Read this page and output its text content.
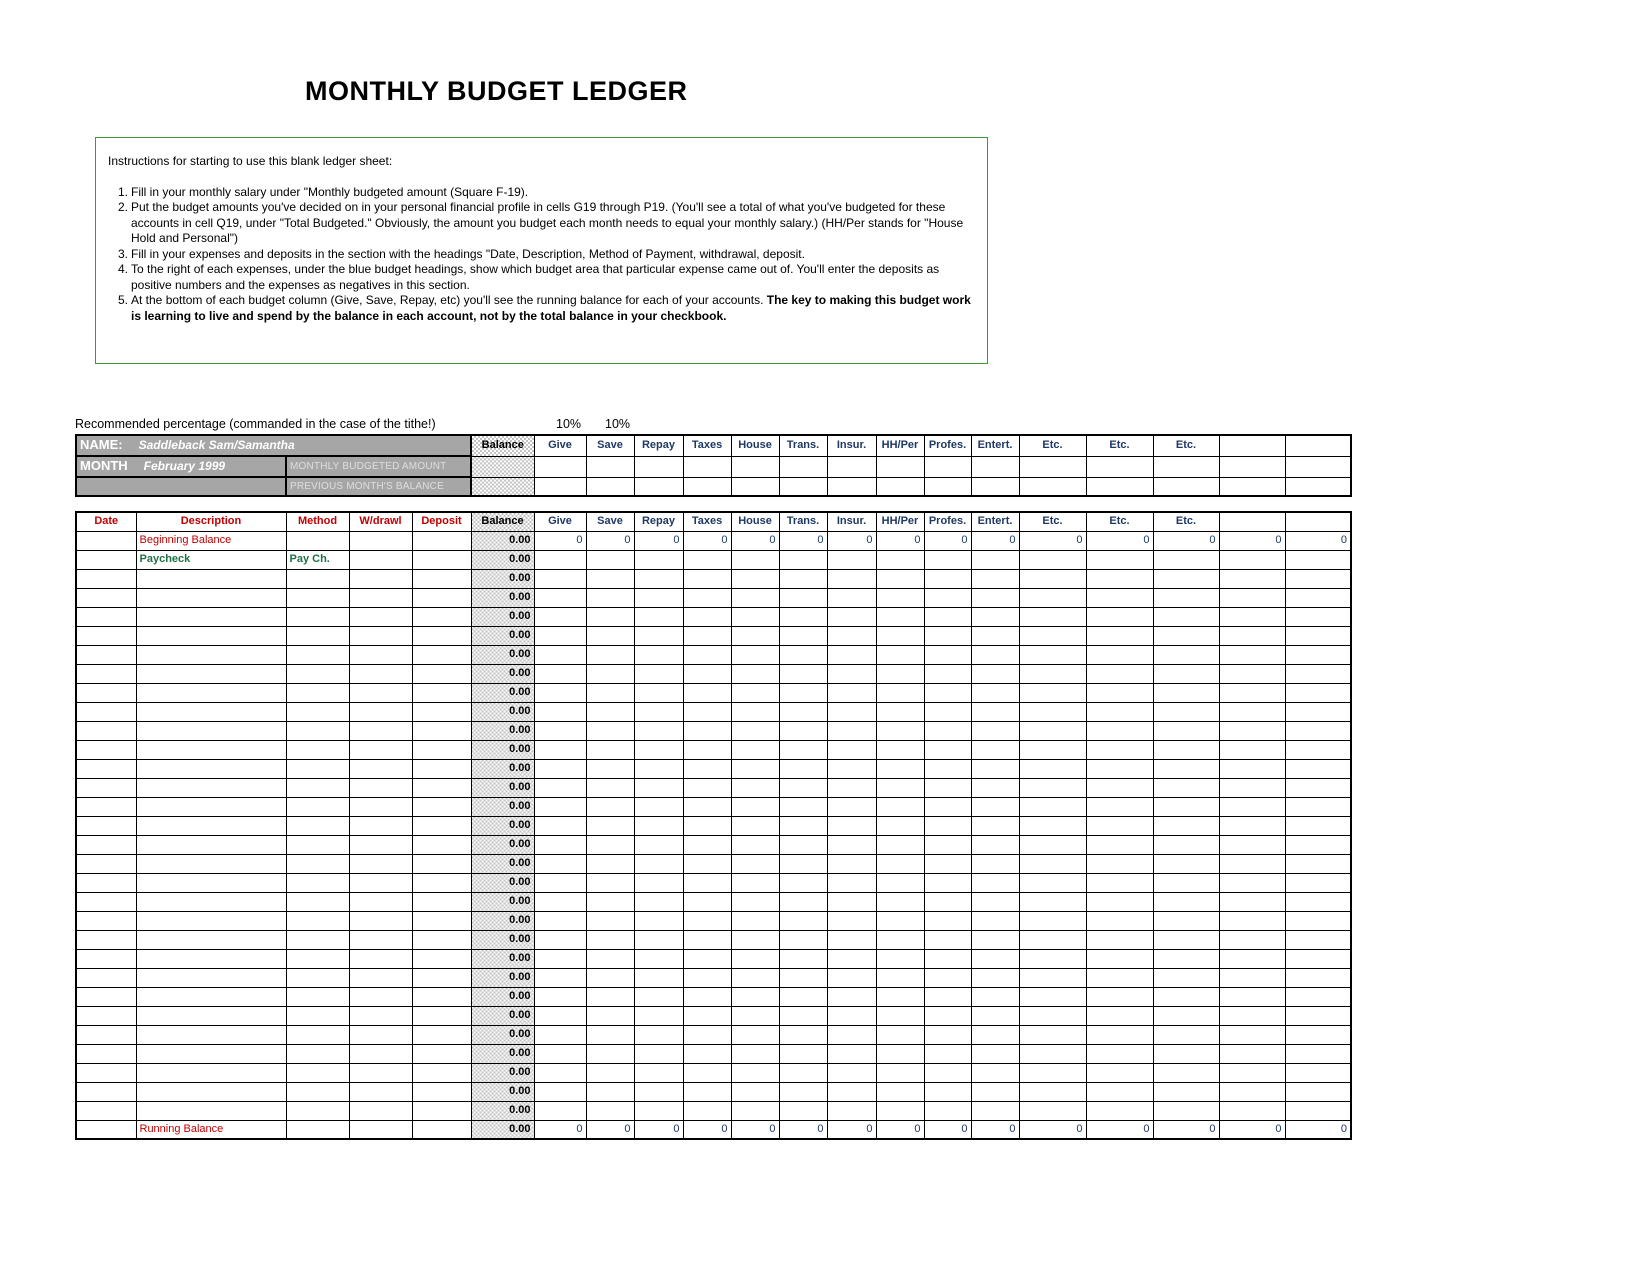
MONTHLY BUDGET LEDGER

Instructions for starting to use this blank ledger sheet:

1. Fill in your monthly salary under "Monthly budgeted amount (Square F-19).
2. Put the budget amounts you've decided on in your personal financial profile in cells G19 through P19. (You'll see a total of what you've budgeted for these accounts in cell Q19, under "Total Budgeted." Obviously, the amount you budget each month needs to equal your monthly salary.) (HH/Per stands for "House Hold and Personal")
3. Fill in your expenses and deposits in the section with the headings "Date, Description, Method of Payment, withdrawal, deposit.
4. To the right of each expenses, under the blue budget headings, show which budget area that particular expense came out of. You'll enter the deposits as positive numbers and the expenses as negatives in this section.
5. At the bottom of each budget column (Give, Save, Repay, etc) you'll see the running balance for each of your accounts. The key to making this budget work is learning to live and spend by the balance in each account, not by the total balance in your checkbook.
Recommended percentage (commanded in the case of the tithe!)	10% 10%
NAME: Saddleback Sam/Samantha		Balance	Give	Save	Repay	Taxes	House	Trans.	Insur.	HH/Per	Profes.	Entert.	Etc.	Etc.	Etc.		
MONTH February 1999	MONTHLY BUDGETED AMOUNT																
	PREVIOUS MONTH'S BALANCE																
Date	Description	Method	W/drawl	Deposit	Balance	Give	Save	Repay	Taxes	House	Trans.	Insur.	HH/Per	Profes.	Entert.	Etc.	Etc.	Etc.		
	Beginning Balance				0.00	0	0	0	0	0	0	0	0	0	0	0	0	0	0	0
	Paycheck	Pay Ch.			0.00															
					0.00															
					0.00															
					0.00															
					0.00															
					0.00															
					0.00															
					0.00															
					0.00															
					0.00															
					0.00															
					0.00															
					0.00															
					0.00															
					0.00															
					0.00															
					0.00															
					0.00															
					0.00															
					0.00															
					0.00															
					0.00															
					0.00															
					0.00															
					0.00															
					0.00															
					0.00															
					0.00															
					0.00															
					0.00															
	Running Balance				0.00	0	0	0	0	0	0	0	0	0	0	0	0	0	0	0
